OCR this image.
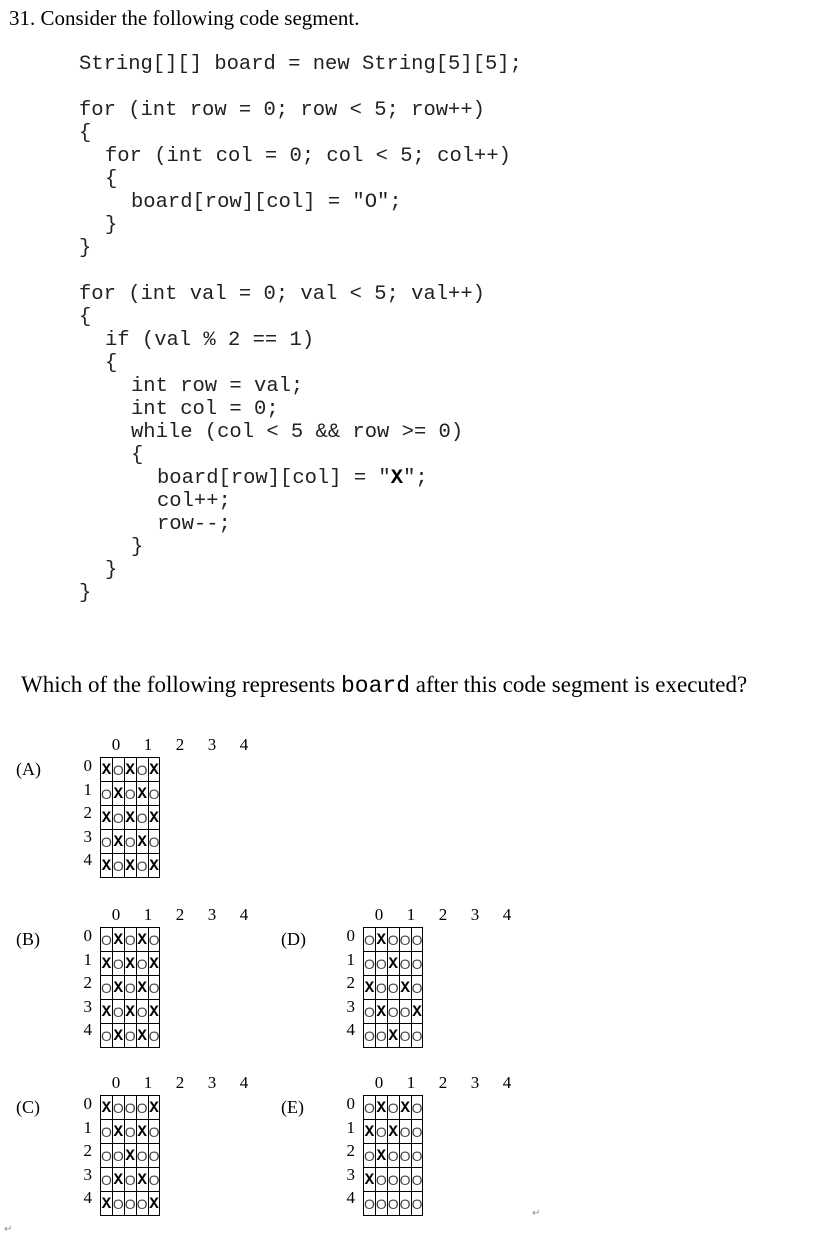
31. Consider the following code segment.
String[][] board = new String[5][5];
for (int row = 0; row < 5; row++)
{
for (int col = 0; col < 5; col++)
{
board[row][col] = "O";
}
}
for (int val = 0; val < 5; val++)
{
if (val % 2 == 1)
{
int row = val;
int col = 0;
while (col < 5 && row >= 0)
{
board[row][col] = "X";
col++;
row--;
}
}
}
Which of the following represents board after this code segment is executed?
(A)
0	1	2	3	4
0
1
2
3
4
X	O	X	O	X
O	X	O	X	O
X	O	X	O	X
O	X	O	X	O
X	O	X	O	X
(B)
0	1	2	3	4
0
1
2
3
4
O	X	O	X	O
X	O	X	O	X
O	X	O	X	O
X	O	X	O	X
O	X	O	X	O
(D)
0	1	2	3	4
0
1
2
3
4
O	X	O	O	O
O	O	X	O	O
X	O	O	X	O
O	X	O	O	X
O	O	X	O	O
(C)
0	1	2	3	4
0
1
2
3
4
X	O	O	O	X
O	X	O	X	O
O	O	X	O	O
O	X	O	X	O
X	O	O	O	X
(E)
0	1	2	3	4
0
1
2
3
4
O	X	O	X	O
X	O	X	O	O
O	X	O	O	O
X	O	O	O	O
O	O	O	O	O
↵
↵
